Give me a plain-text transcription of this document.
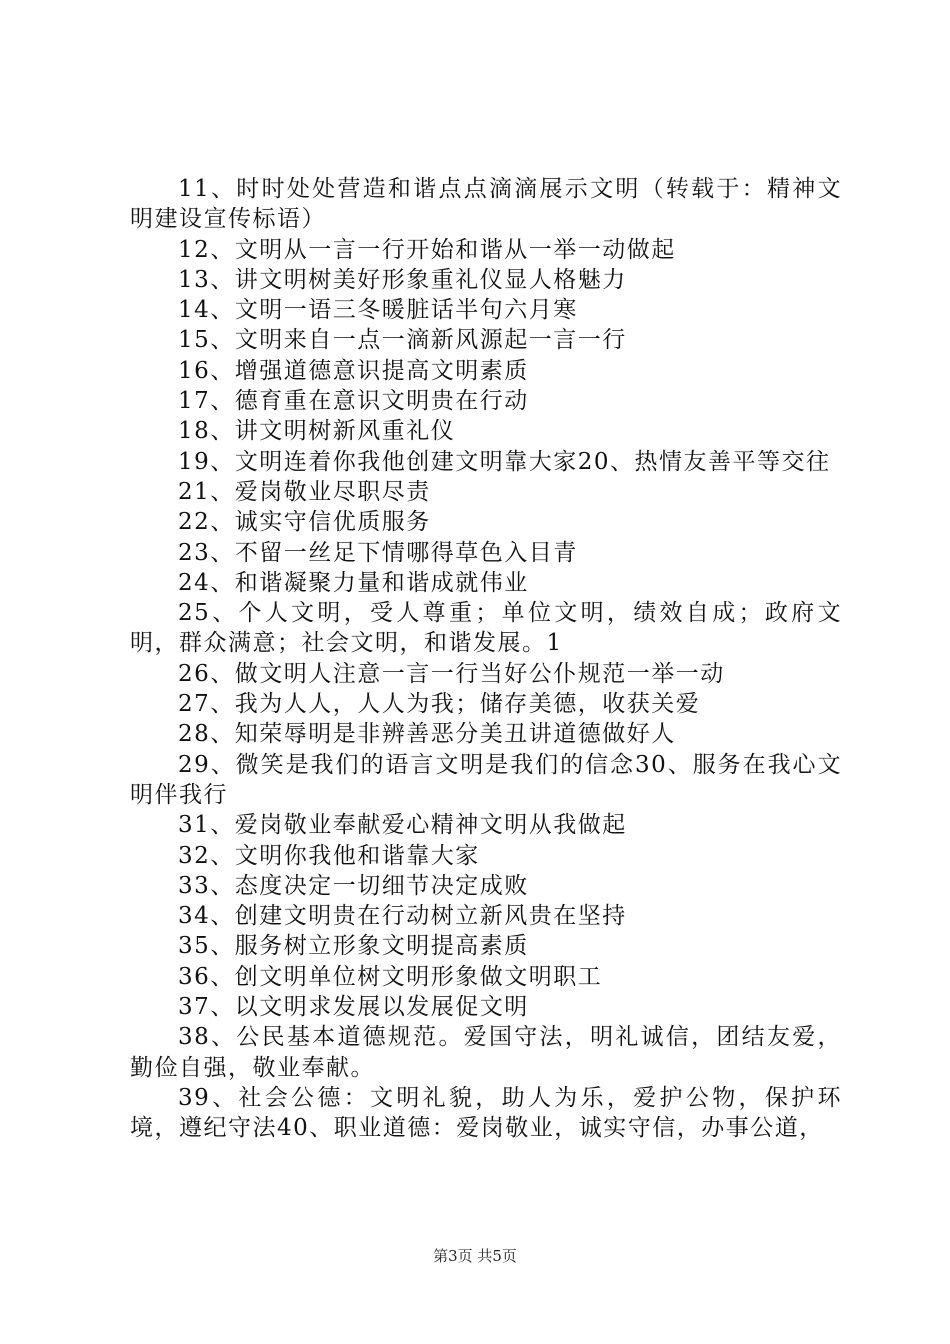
11、时时处处营造和谐点点滴滴展示文明（转载于：精神文明建设宣传标语）

12、文明从一言一行开始和谐从一举一动做起

13、讲文明树美好形象重礼仪显人格魅力

14、文明一语三冬暖脏话半句六月寒

15、文明来自一点一滴新风源起一言一行

16、增强道德意识提高文明素质

17、德育重在意识文明贵在行动

18、讲文明树新风重礼仪

19、文明连着你我他创建文明靠大家20、热情友善平等交往

21、爱岗敬业尽职尽责

22、诚实守信优质服务

23、不留一丝足下情哪得草色入目青

24、和谐凝聚力量和谐成就伟业

25、个人文明，受人尊重；单位文明，绩效自成；政府文明，群众满意；社会文明，和谐发展。1

26、做文明人注意一言一行当好公仆规范一举一动

27、我为人人，人人为我；储存美德，收获关爱

28、知荣辱明是非辨善恶分美丑讲道德做好人

29、微笑是我们的语言文明是我们的信念30、服务在我心文明伴我行

31、爱岗敬业奉献爱心精神文明从我做起

32、文明你我他和谐靠大家

33、态度决定一切细节决定成败

34、创建文明贵在行动树立新风贵在坚持

35、服务树立形象文明提高素质

36、创文明单位树文明形象做文明职工

37、以文明求发展以发展促文明

38、公民基本道德规范。爱国守法，明礼诚信，团结友爱，勤俭自强，敬业奉献。

39、社会公德：文明礼貌，助人为乐，爱护公物，保护环境，遵纪守法40、职业道德：爱岗敬业，诚实守信，办事公道，

第3页 共5页
